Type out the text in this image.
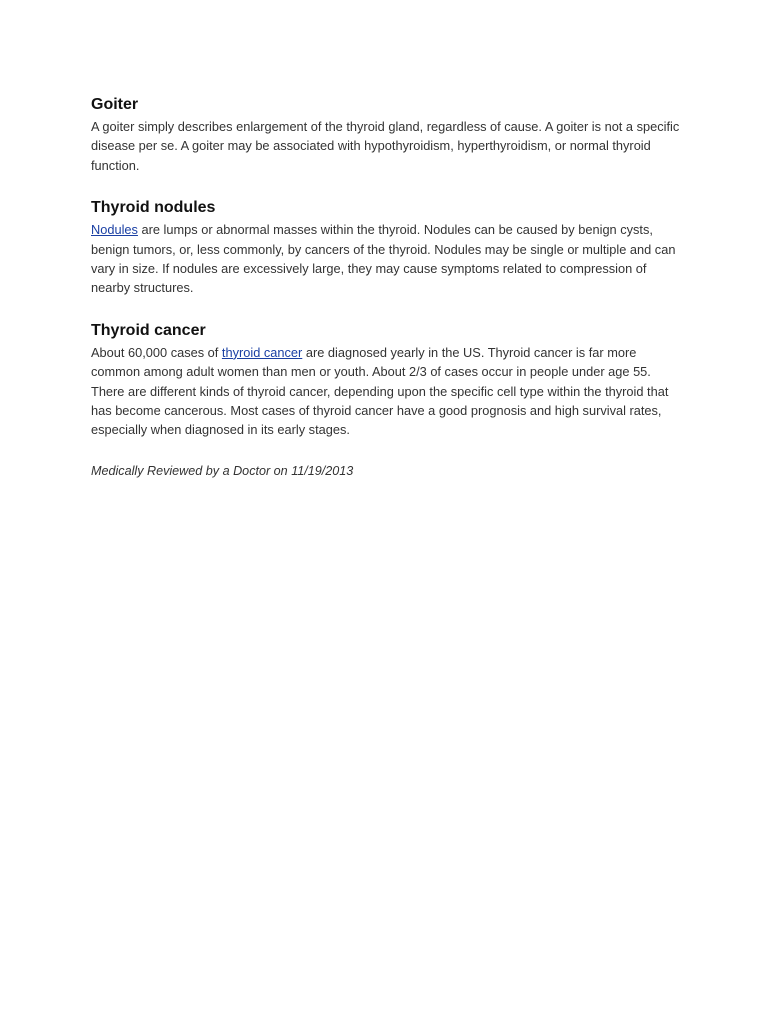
Goiter

A goiter simply describes enlargement of the thyroid gland, regardless of cause. A goiter is not a specific disease per se. A goiter may be associated with hypothyroidism, hyperthyroidism, or normal thyroid function.

Thyroid nodules

Nodules are lumps or abnormal masses within the thyroid. Nodules can be caused by benign cysts, benign tumors, or, less commonly, by cancers of the thyroid. Nodules may be single or multiple and can vary in size. If nodules are excessively large, they may cause symptoms related to compression of nearby structures.

Thyroid cancer

About 60,000 cases of thyroid cancer are diagnosed yearly in the US. Thyroid cancer is far more common among adult women than men or youth. About 2/3 of cases occur in people under age 55. There are different kinds of thyroid cancer, depending upon the specific cell type within the thyroid that has become cancerous. Most cases of thyroid cancer have a good prognosis and high survival rates, especially when diagnosed in its early stages.

Medically Reviewed by a Doctor on 11/19/2013
